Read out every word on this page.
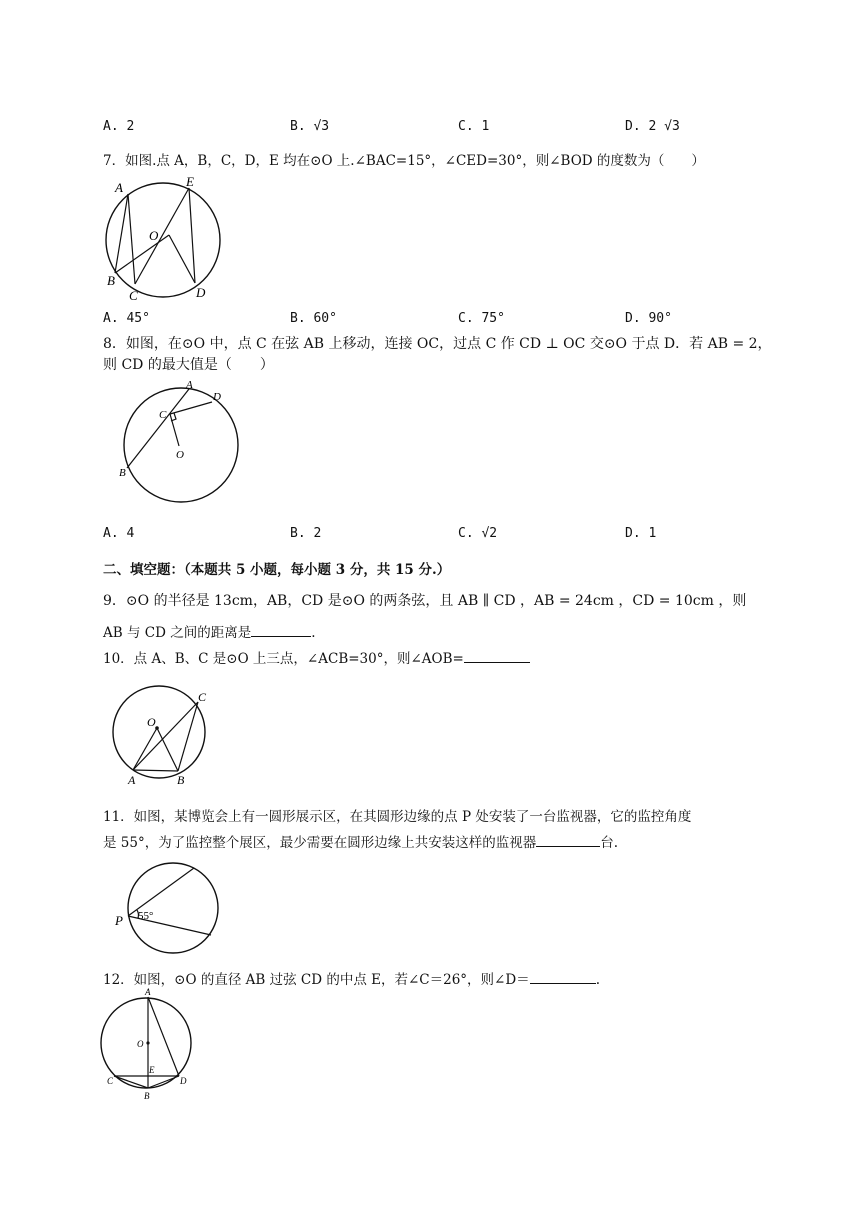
A. 2	B. √3	C. 1	D. 2 √3
7．如图.点 A，B，C，D，E 均在⊙O 上.∠BAC=15°，∠CED=30°，则∠BOD 的度数为（　　）
A	E
O
B
C	D
A. 45°	B. 60°	C. 75°	D. 90°
8．如图，在⊙O 中，点 C 在弦 AB 上移动，连接 OC，过点 C 作 CD ⊥ OC 交⊙O 于点 D．若 AB = 2，
则 CD 的最大值是（　　）
A
D
C
O
B
A. 4	B. 2	C. √2	D. 1
二、填空题：（本题共 5 小题，每小题 3 分，共 15 分.）
9．⊙O 的半径是 13cm，AB，CD 是⊙O 的两条弦，且 AB ∥ CD ，AB = 24cm ，CD = 10cm ，则
AB 与 CD 之间的距离是	.
10．点 A、B、C 是⊙O 上三点，∠ACB=30°，则∠AOB=
O
C
A	B
11．如图，某博览会上有一圆形展示区，在其圆形边缘的点 P 处安装了一台监视器，它的监控角度
是 55°，为了监控整个展区，最少需要在圆形边缘上共安装这样的监视器	台.
P 55°
12．如图，⊙O 的直径 AB 过弦 CD 的中点 E，若∠C＝26°，则∠D＝	.
A
O
E
C	D
B
